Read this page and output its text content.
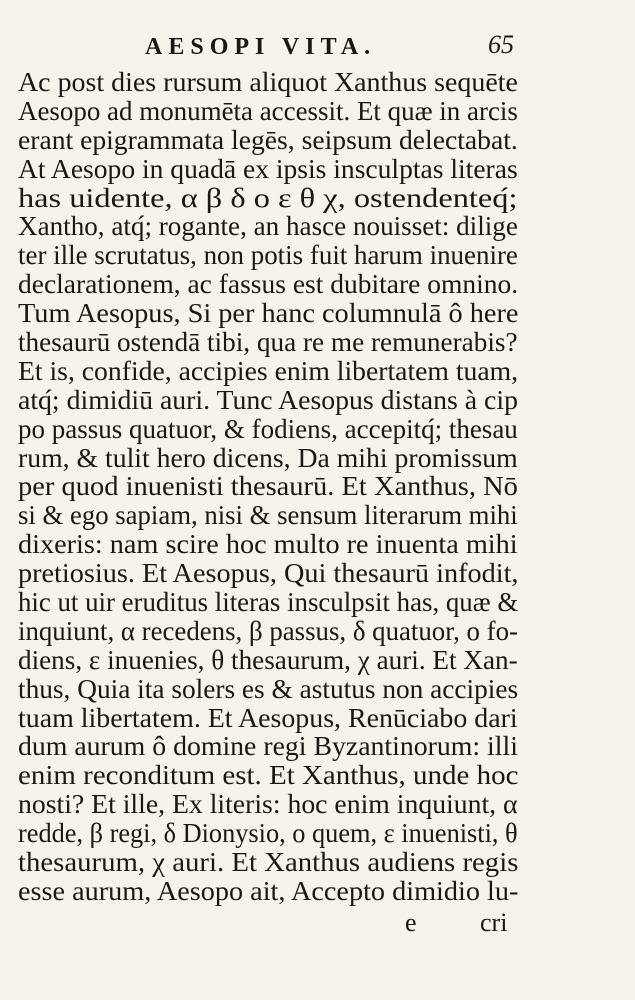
AESOPI VITA.	65
Ac post dies rursum aliquot Xanthus sequēte
Aesopo ad monumēta accessit. Et quæ in arcis
erant epigrammata legēs, seipsum delectabat.
At Aesopo in quadā ex ipsis insculptas literas
has uidente, α β δ ο ε θ χ, ostendenteq́;
Xantho, atq́; rogante, an hasce nouisset: dilige
ter ille scrutatus, non potis fuit harum inuenire
declarationem, ac fassus est dubitare omnino.
Tum Aesopus, Si per hanc columnulā ô here
thesaurū ostendā tibi, qua re me remunerabis?
Et is, confide, accipies enim libertatem tuam,
atq́; dimidiū auri. Tunc Aesopus distans à cip
po passus quatuor, & fodiens, accepitq́; thesau
rum, & tulit hero dicens, Da mihi promissum
per quod inuenisti thesaurū. Et Xanthus, Nō
si & ego sapiam, nisi & sensum literarum mihi
dixeris: nam scire hoc multo re inuenta mihi
pretiosius. Et Aesopus, Qui thesaurū infodit,
hic ut uir eruditus literas insculpsit has, quæ &
inquiunt, α recedens, β passus, δ quatuor, ο fo-
diens, ε inuenies, θ thesaurum, χ auri. Et Xan-
thus, Quia ita solers es & astutus non accipies
tuam libertatem. Et Aesopus, Renūciabo dari
dum aurum ô domine regi Byzantinorum: illi
enim reconditum est. Et Xanthus, unde hoc
nosti? Et ille, Ex literis: hoc enim inquiunt, α
redde, β regi, δ Dionysio, ο quem, ε inuenisti, θ
thesaurum, χ auri. Et Xanthus audiens regis
esse aurum, Aesopo ait, Accepto dimidio lu-
e cri
